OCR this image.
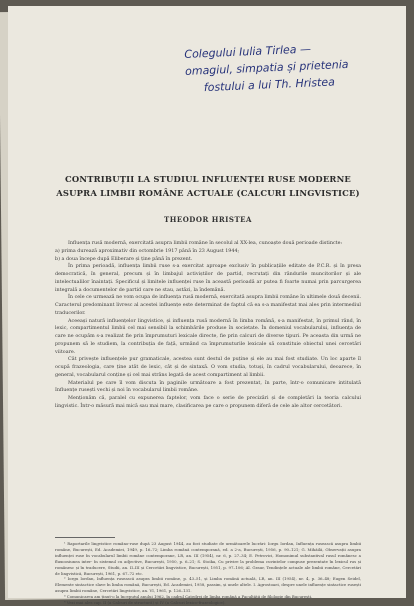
Colegului Iulia Tirlea —
omagiul, simpatia și prietenia
fostului a lui Th. Hristea
CONTRIBUȚII LA STUDIUL INFLUENȚEI RUSE MODERNE
ASUPRA LIMBII ROMÂNE ACTUALE (CALCURI LINGVISTICE)
THEODOR HRISTEA

Influența rusă modernă, exercitată asupra limbii române în secolul al XX-lea, cunoaște două perioade distincte:

a) prima durează aproximativ din octombrie 1917 până în 23 August 1944;

b) a doua începe după Eliberare și ține până în prezent.

În prima perioadă, influența limbii ruse s-a exercitat aproape exclusiv în publicațiile editate de P.C.R. și în presa democratică, în general, precum și în limbajul activiștilor de partid, recrutați din rândurile muncitorilor și ale intelectualilor înaintați. Specificul și limitele influenței ruse în această perioadă ar putea fi foarte numai prin parcurgerea integrală a documentelor de partid care ne stau, astăzi, la îndemână.

În cele ce urmează ne vom ocupa de influența rusă modernă, exercitată asupra limbii române în ultimele două decenii. Caracterul predominant livresc al acestei influențe este determinat de faptul că ea s-a manifestat mai ales prin intermediul traducerilor.

Aceeași natură influențelor lingvistice, și influența rusă modernă în limba română, s-a manifestat, în primul rând, în lexic, compartimentul limbii cel mai sensibil la schimbările produse în societate. În domeniul vocabularului, influența de care ne ocupăm s-a realizat fie prin împrumuturi lexicale directe, fie prin calcuri de diverse tipuri. Pe aceasta din urmă ne propunem să le studiem, la contribuția de față, urmând ca împrumuturile lexicale să constituie obiectul unei cercetări viitoare.

Cât privește influențele pur gramaticale, acestea sunt destul de puține și ele au mai fost studiate. Un loc aparte îl ocupă frazeologia, care ține atât de lexic, cât și de sintaxă. O vom studia, totuși, în cadrul vocabularului, deoarece, în general, vocabularul conține și cel mai strâns legată de acest compartiment al limbii.

Materialul pe care îl vom discuta în paginile următoare a fost prezentat, în parte, într-o comunicare intitulată Influențe rusești vechi și noi în vocabularul limbii române.

Menționăm că, paralel cu expunerea faptelor, vom face o serie de precizări și de completări la teoria calcului lingvistic. Într-o măsură mai mică sau mai mare, clasificarea pe care o propunem diferă de cele ale altor cercetători.

¹ Raportarile lingvistice româno-ruse după 23 August 1944, au fost studiate de următoarele lucrări: Iorgu Iordan, Influența rusească asupra limbii române, București, Ed. Academiei, 1949, p. 16–72; Limba română contemporană, ed. a 2-a, București, 1956, p. 90–121; G. Mihăilă, Observații asupra influenței ruse în vocabularul limbii române contemporane, LR, an. III (1954), nr. 6, p. 27–34; E. Petrovici, Homonimul substantival rusul românesc a fluxoosiunea inter- în sistemul cu adjective, București, 1950, p. 6–21; S. Stoika, Cu privire la problema cuvintelor compuse prezentate în lexicul rus și românesc și în traducere, Studii, an. II–III și Cercetări lingvistice, București, 1951, p. 97–106; Al. Graur, Tendințele actuale ale limbii române, Cercetări de lingvistică, București, 1961, p. 67–72 etc.

² Iorgu Iordan, Influența rusească asupra limbii române, p. 43–51, și Limba română actuală, LR, an. III (1954), nr. 4, p. 36–48; Eugen Seidel, Elemente sintactice slave în limba română, București, Ed. Academiei, 1958, passim, și unele altele. I. Agrostoaei, despre unele influențe sintactice rusești asupra limbii române, Cercetări lingvistice, an. VI, 1961, p. 126–131.

³ Comunicarea am ținut-o la începutul anului 1962, în cadrul Catedrei de limba română a Facultății de filologie din București.

⁴ Vezi mai ales cap. II (a Calcuri de structură) și IV (a Calcuri lexico-frazeologice).
